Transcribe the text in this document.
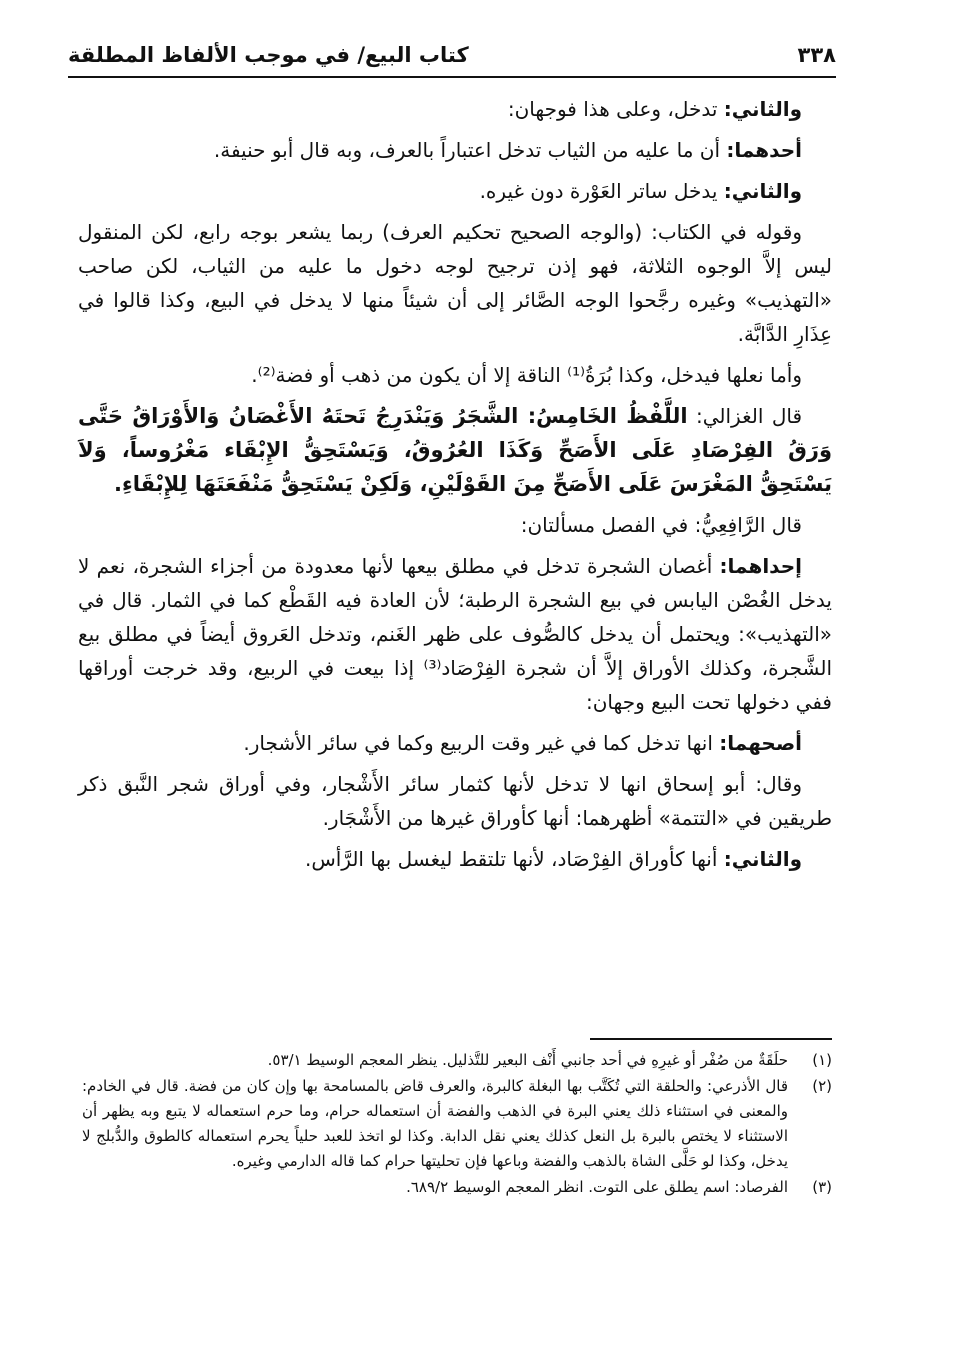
٣٣٨
كتاب البيع/ في موجب الألفاظ المطلقة

والثاني: تدخل، وعلى هذا فوجهان:

أحدهما: أن ما عليه من الثياب تدخل اعتباراً بالعرف، وبه قال أبو حنيفة.

والثاني: يدخل ساتر العَوْرة دون غيره.

وقوله في الكتاب: (والوجه الصحيح تحكيم العرف) ربما يشعر بوجه رابع، لكن المنقول ليس إلاَّ الوجوه الثلاثة، فهو إذن ترجيح لوجه دخول ما عليه من الثياب، لكن صاحب «التهذيب» وغيره رجَّحوا الوجه الصَّائر إلى أن شيئاً منها لا يدخل في البيع، وكذا قالوا في عِذَارِ الدَّابَّة.

وأما نعلها فيدخل، وكذا بُرَةُ⁽¹⁾ الناقة إلا أن يكون من ذهب أو فضة⁽²⁾.

قال الغزالي: اللَّفْظُ الخَامِسُ: الشَّجَرُ وَيَنْدَرِجُ تَحتَهُ الأَغْصَانُ وَالأَوْرَاقُ حَتَّى وَرَقُ الفِرْصَادِ عَلَى الأَصَحِّ وَكَذَا العُرُوقُ، وَيَسْتَحِقُّ الإِبْقَاء مَغْرُوساً، وَلاَ يَسْتَحِقُّ المَغْرَسَ عَلَى الأَصَحِّ مِنَ القَوْلَيْنِ، وَلَكِنْ يَسْتَحِقُّ مَنْفَعَتَهَا لِلإِبْقَاءِ.

قال الرَّافِعِيُّ: في الفصل مسألتان:

إحداهما: أغصان الشجرة تدخل في مطلق بيعها لأنها معدودة من أجزاء الشجرة، نعم لا يدخل الغُصْن اليابس في بيع الشجرة الرطبة؛ لأن العادة فيه القَطْع كما في الثمار. قال في «التهذيب»: ويحتمل أن يدخل كالصُّوف على ظهر الغَنم، وتدخل العَروق أيضاً في مطلق بيع الشَّجرة، وكذلك الأوراق إلاَّ أن شجرة الفِرْصَاد⁽³⁾ إذا بيعت في الربيع، وقد خرجت أوراقها ففي دخولها تحت البيع وجهان:

أصحهما: انها تدخل كما في غير وقت الربيع وكما في سائر الأشجار.

وقال: أبو إسحاق انها لا تدخل لأنها كثمار سائر الأَشْجار، وفي أوراق شجر النَّبق ذكر طريقين في «التتمة» أظهرهما: أنها كأوراق غيرها من الأَشْجَار.

والثاني: أنها كأوراق الفِرْصَاد، لأنها تلتقط ليغسل بها الرَّأس.

(١)
حلَقَةٌ من صُفْر أو غيرِهِ في أحد جانبي أَنْف البعير للتَّذليل. ينظر المعجم الوسيط ٥٣/١.
(٢)
قال الأذرعي: والحلقة التي تُكَتَّب بها البغلة كالبرة، والعرف قاض بالمسامحة بها وإن كان من فضة. قال في الخادم: والمعنى في استثناء ذلك يعني البرة في الذهب والفضة أن استعماله حرام، وما حرم استعماله لا يتبع وبه يظهر أن الاستثناء لا يختص بالبرة بل النعل كذلك يعني نقل الدابة. وكذا لو اتخذ للعبد حلياً يحرم استعماله كالطوق والدُّبلج لا يدخل، وكذا لو حَلَّى الشاة بالذهب والفضة وباعها فإن تحليتها حرام كما قاله الدارمي وغيره.
(٣)
الفرصاد: اسم يطلق على التوت. انظر المعجم الوسيط ٦٨٩/٢.
